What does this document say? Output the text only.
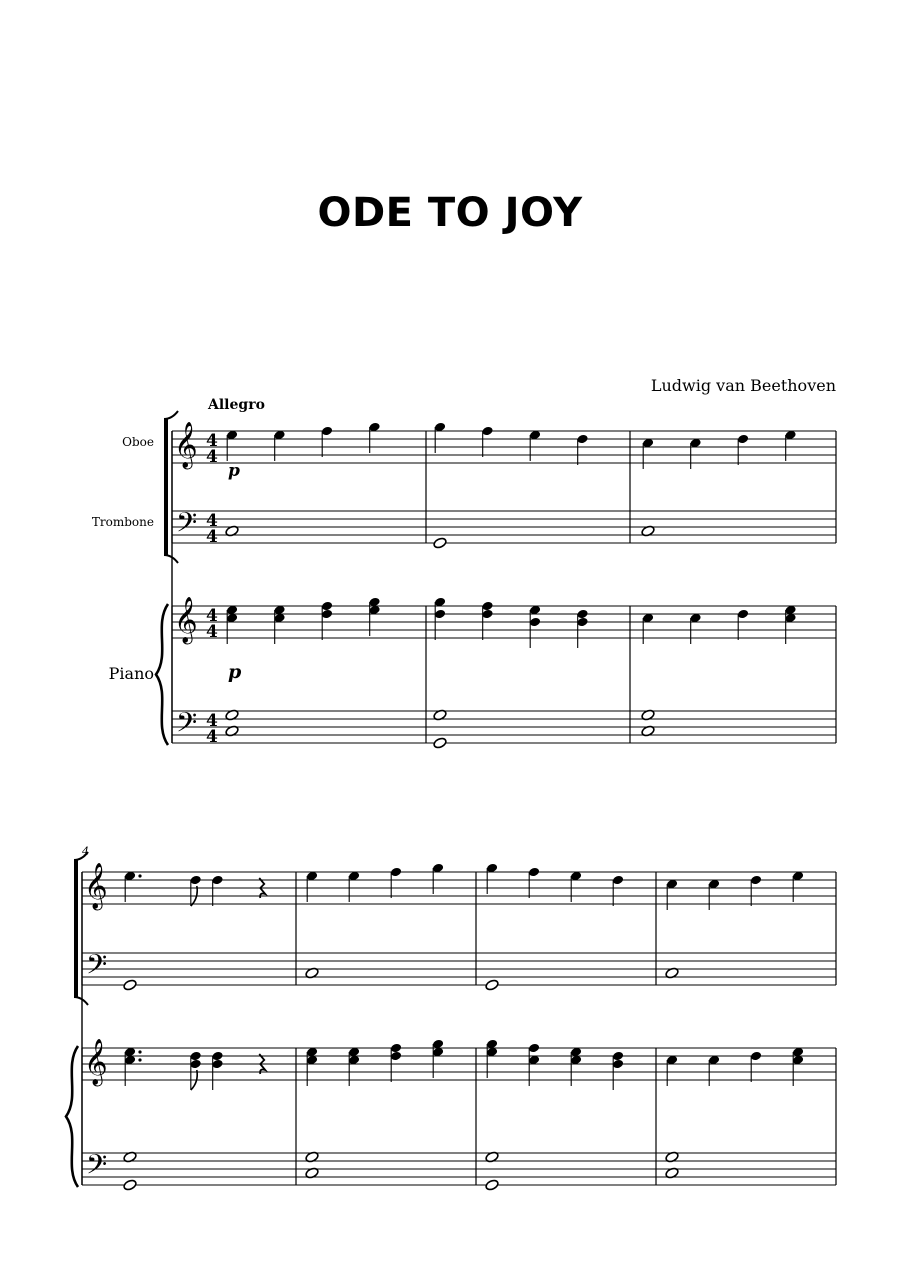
ODE TO JOY
Ludwig van Beethoven
Allegro
Oboe
Trombone
Piano
p
p
4
𝄞
𝄢
𝄞
𝄢
𝄞
𝄢
𝄞
𝄢
4
4
4
4
4
4
4
4
